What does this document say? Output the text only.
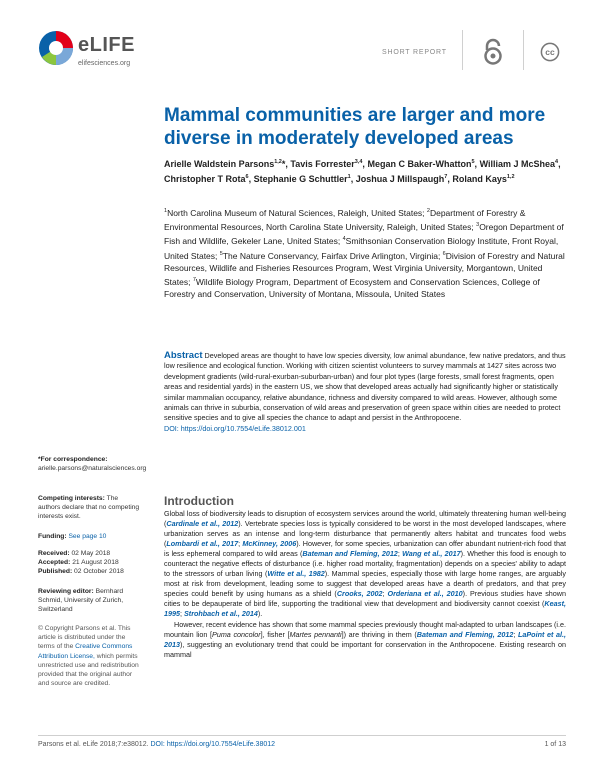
eLIFE
elifesciences.org
SHORT REPORT	cc
Mammal communities are larger and more diverse in moderately developed areas
Arielle Waldstein Parsons$^{1,2}$*, Tavis Forrester$^{3,4}$, Megan C Baker-Whatton$^5$, William J McShea$^4$, Christopher T Rota$^6$, Stephanie G Schuttler$^1$, Joshua J Millspaugh$^7$, Roland Kays$^{1,2}$
$^1$North Carolina Museum of Natural Sciences, Raleigh, United States; $^2$Department of Forestry & Environmental Resources, North Carolina State University, Raleigh, United States; $^3$Oregon Department of Fish and Wildlife, Gekeler Lane, United States; $^4$Smithsonian Conservation Biology Institute, Front Royal, United States; $^5$The Nature Conservancy, Fairfax Drive Arlington, Virginia; $^6$Division of Forestry and Natural Resources, Wildlife and Fisheries Resources Program, West Virginia University, Morgantown, United States; $^7$Wildlife Biology Program, Department of Ecosystem and Conservation Sciences, College of Forestry and Conservation, University of Montana, Missoula, United States
Abstract Developed areas are thought to have low species diversity, low animal abundance, few native predators, and thus low resilience and ecological function. Working with citizen scientist volunteers to survey mammals at 1427 sites across two development gradients (wild-rural-exurban-suburban-urban) and four plot types (large forests, small forest fragments, open areas and residential yards) in the eastern US, we show that developed areas actually had significantly higher or statistically similar mammalian occupancy, relative abundance, richness and diversity compared to wild areas. However, although some animals can thrive in suburbia, conservation of wild areas and preservation of green space within cities are needed to protect sensitive species and to give all species the chance to adapt and persist in the Anthropocene.
DOI: https://doi.org/10.7554/eLife.38012.001
*For correspondence:
arielle.parsons@naturalsciences.org
Competing interests: The authors declare that no competing interests exist.
Funding: See page 10
Received: 02 May 2018
Accepted: 21 August 2018
Published: 02 October 2018
Reviewing editor: Bernhard Schmid, University of Zurich, Switzerland
© Copyright Parsons et al. This article is distributed under the terms of the Creative Commons Attribution License, which permits unrestricted use and redistribution provided that the original author and source are credited.
Introduction

Global loss of biodiversity leads to disruption of ecosystem services around the world, ultimately threatening human well-being (Cardinale et al., 2012). Vertebrate species loss is typically considered to be worst in the most developed landscapes, where urbanization serves as an intense and long-term disturbance that permanently alters habitat and truncates food webs (Lombardi et al., 2017; McKinney, 2006). However, for some species, urbanization can offer abundant nutrient-rich food that is less ephemeral compared to wild areas (Bateman and Fleming, 2012; Wang et al., 2017). Whether this food is enough to counteract the negative effects of disturbance (i.e. higher road mortality, fragmentation) depends on a species' ability to adapt to the stressors of urban living (Witte et al., 1982). Mammal species, especially those with large home ranges, are arguably most at risk from development, leading some to suggest that developed areas have a dearth of predators, and that prey species could benefit by using humans as a shield (Crooks, 2002; Orderiana et al., 2010). Previous studies have shown cities to be depauperate of bird life, supporting the traditional view that development and biodiversity cannot coexist (Keast, 1995; Strohbach et al., 2014).

However, recent evidence has shown that some mammal species previously thought mal-adapted to urban landscapes (i.e. mountain lion [Puma concolor], fisher [Martes pennanti]) are thriving in them (Bateman and Fleming, 2012; LaPoint et al., 2013), suggesting an evolutionary trend that could be important for conservation in the Anthropocene. Existing research on mammal

Parsons et al. eLife 2018;7:e38012. DOI: https://doi.org/10.7554/eLife.38012	1 of 13
